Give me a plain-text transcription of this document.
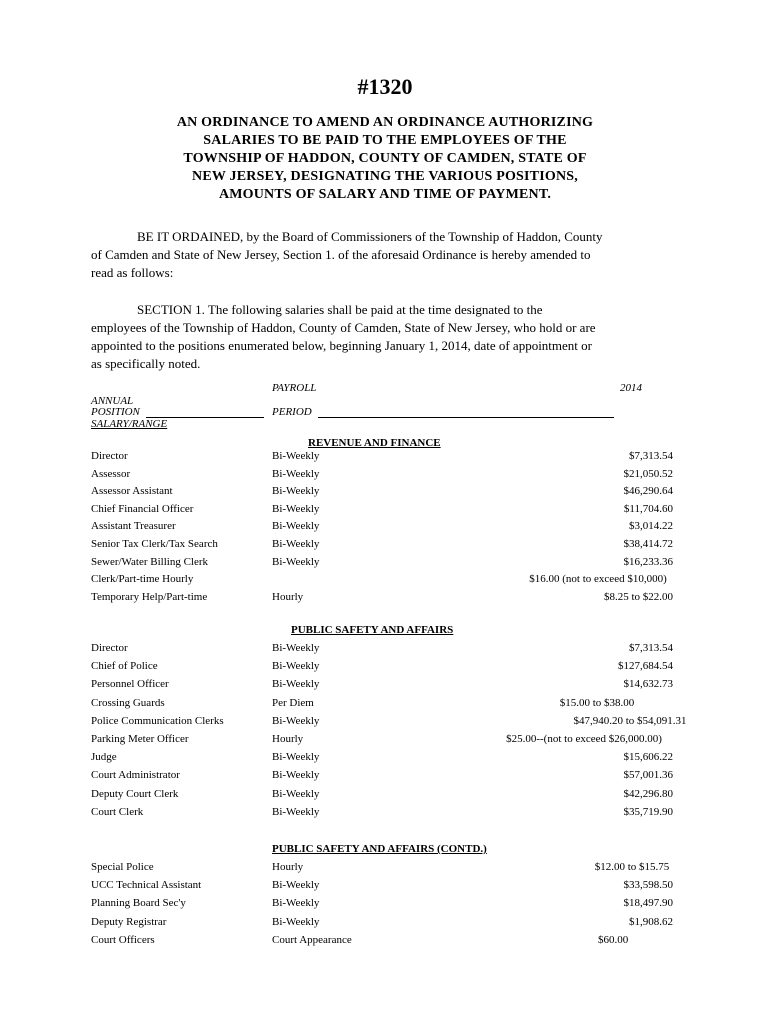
#1320
AN ORDINANCE TO AMEND AN ORDINANCE AUTHORIZING
SALARIES TO BE PAID TO THE EMPLOYEES OF THE
TOWNSHIP OF HADDON, COUNTY OF CAMDEN, STATE OF
NEW JERSEY, DESIGNATING THE VARIOUS POSITIONS,
AMOUNTS OF SALARY AND TIME OF PAYMENT.
BE IT ORDAINED, by the Board of Commissioners of the Township of Haddon, County
of Camden and State of New Jersey, Section 1. of the aforesaid Ordinance is hereby amended to
read as follows:
SECTION 1. The following salaries shall be paid at the time designated to the
employees of the Township of Haddon, County of Camden, State of New Jersey, who hold or are
appointed to the positions enumerated below, beginning January 1, 2014, date of appointment or
as specifically noted.
PAYROLL	2014
ANNUAL
POSITION	PERIOD
SALARY/RANGE
REVENUE AND FINANCE
Director	Bi-Weekly	$7,313.54
Assessor	Bi-Weekly	$21,050.52
Assessor Assistant	Bi-Weekly	$46,290.64
Chief Financial Officer	Bi-Weekly	$11,704.60
Assistant Treasurer	Bi-Weekly	$3,014.22
Senior Tax Clerk/Tax Search	Bi-Weekly	$38,414.72
Sewer/Water Billing Clerk	Bi-Weekly	$16,233.36
Clerk/Part-time Hourly	$16.00 (not to exceed $10,000)
Temporary Help/Part-time	Hourly	$8.25 to $22.00
PUBLIC SAFETY AND AFFAIRS
Director	Bi-Weekly	$7,313.54
Chief of Police	Bi-Weekly	$127,684.54
Personnel Officer	Bi-Weekly	$14,632.73
Crossing Guards	Per Diem	$15.00 to $38.00
Police Communication Clerks	Bi-Weekly	$47,940.20 to $54,091.31
Parking Meter Officer	Hourly	$25.00--(not to exceed $26,000.00)
Judge	Bi-Weekly	$15,606.22
Court Administrator	Bi-Weekly	$57,001.36
Deputy Court Clerk	Bi-Weekly	$42,296.80
Court Clerk	Bi-Weekly	$35,719.90
PUBLIC SAFETY AND AFFAIRS (CONTD.)
Special Police	Hourly	$12.00 to $15.75
UCC Technical Assistant	Bi-Weekly	$33,598.50
Planning Board Sec'y	Bi-Weekly	$18,497.90
Deputy Registrar	Bi-Weekly	$1,908.62
Court Officers	Court Appearance	$60.00
